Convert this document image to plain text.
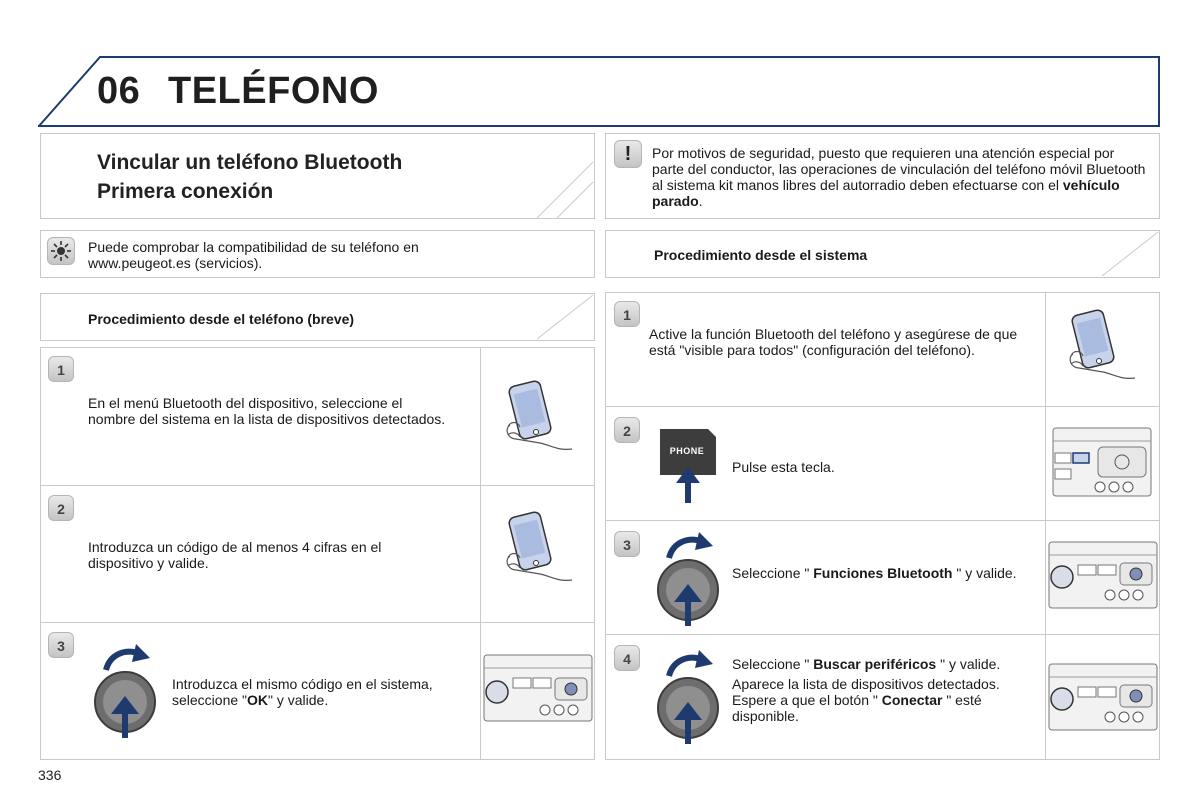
06 TELÉFONO
Vincular un teléfono Bluetooth
Primera conexión
!	Por motivos de seguridad, puesto que requieren una atención especial por parte del conductor, las operaciones de vinculación del teléfono móvil Bluetooth al sistema kit manos libres del autorradio deben efectuarse con el vehículo parado.
Puede comprobar la compatibilidad de su teléfono en www.peugeot.es (servicios).	Procedimiento desde el sistema
Procedimiento desde el teléfono (breve)
1
En el menú Bluetooth del dispositivo, seleccione el nombre del sistema en la lista de dispositivos detectados.
2
Introduzca un código de al menos 4 cifras en el dispositivo y valide.
3
Introduzca el mismo código en el sistema, seleccione "OK" y valide.
1
Active la función Bluetooth del teléfono y asegúrese de que está "visible para todos" (configuración del teléfono).
2
PHONE
Pulse esta tecla.
3
Seleccione " Funciones Bluetooth " y valide.
4	Seleccione " Buscar periféricos " y valide.
Aparece la lista de dispositivos detectados. Espere a que el botón " Conectar " esté disponible.
336
